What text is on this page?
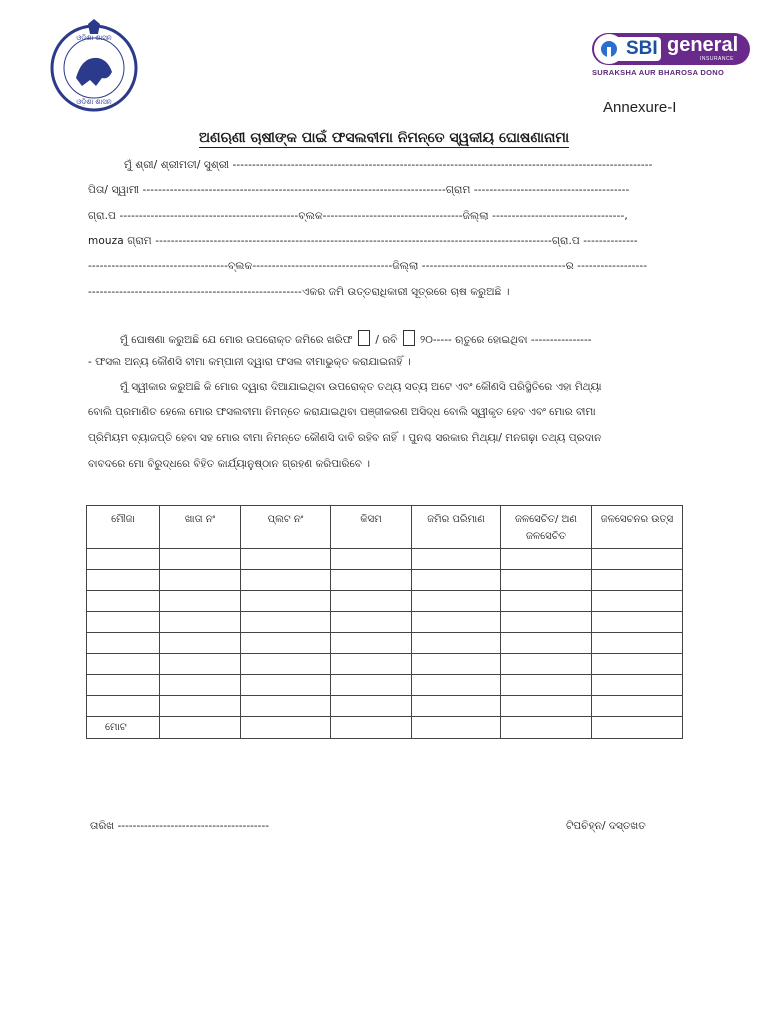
ଓଡ଼ିଶା ଶାସନ
ଓଡ଼ିଶା ଶାସନ
SBI general
INSURANCE
SURAKSHA AUR BHAROSA DONO
Annexure-I
ଅଣଋଣୀ ଚାଷୀଙ୍କ ପାଇଁ ଫସଲବୀମା ନିମନ୍ତେ ସ୍ୱକୀୟ ଘୋଷଣାନାମା
ମୁଁ ଶ୍ରୀ/ ଶ୍ରୀମତୀ/ ସୁଶ୍ରୀ ------------------------------------------------------------------------------------------------------------
ପିତା/ ସ୍ୱାମୀ ------------------------------------------------------------------------------ଗ୍ରାମ ----------------------------------------
ଗ୍ରା.ପ ----------------------------------------------ବ୍ଲକ------------------------------------ଜିଲ୍ଲା ----------------------------------,
mouza ଗ୍ରାମ ------------------------------------------------------------------------------------------------------ଗ୍ରା.ପ --------------
------------------------------------ବ୍ଲକ------------------------------------ଜିଲ୍ଲା -------------------------------------ର ------------------
-------------------------------------------------------ଏକର ଜମି ଉତ୍ତରାଧିକାରୀ ସୂତ୍ରରେ ଚାଷ କରୁଅଛି ।
ମୁଁ ଘୋଷଣା କରୁଅଛି ଯେ ମୋର ଉପରୋକ୍ତ ଜମିରେ ଖରିଫ / ରବି ୨୦----- ଋତୁରେ ହୋଇଥିବା ----------------
- ଫସଲ ଅନ୍ୟ କୌଣସି ବୀମା କମ୍ପାନୀ ଦ୍ୱାରା ଫସଲ ବୀମାଭୁକ୍ତ କରାଯାଇନାହିଁ ।
ମୁଁ ସ୍ୱୀକାର କରୁଅଛି କି ମୋର ଦ୍ୱାରା ଦିଆଯାଇଥିବା ଉପରୋକ୍ତ ତଥ୍ୟ ସତ୍ୟ ଅଟେ ଏବଂ କୌଣସି ପରିସ୍ଥିତିରେ ଏହା ମିଥ୍ୟା
ବୋଲି ପ୍ରମାଣିତ ହେଲେ ମୋର ଫସଲବୀମା ନିମନ୍ତେ କରାଯାଇଥିବା ପଞ୍ଜୀକରଣ ଅସିଦ୍ଧ ବୋଲି ସ୍ୱୀକୃତ ହେବ ଏବଂ ମୋର ବୀମା
ପ୍ରିମିୟମ ବ୍ୟାଜପ୍ତି ହେବା ସହ ମୋର ବୀମା ନିମନ୍ତେ କୌଣସି ଦାବି ରହିବ ନାହିଁ । ପୁନଶ୍ଚ ସରକାର ମିଥ୍ୟା/ ମନଗଢ଼ା ତଥ୍ୟ ପ୍ରଦାନ
ବାବଦରେ ମୋ ବିରୁଦ୍ଧରେ ବିହିତ କାର୍ଯ୍ୟାନୁଷ୍ଠାନ ଗ୍ରହଣ କରିପାରିବେ ।
ମୌଜା	ଖାତା ନଂ	ପ୍ଲଟ ନଂ	କିସମ	ଜମିର ପରିମାଣ	ଜଳସେଚିତ/ ଅଣ ଜଳସେଚିତ	ଜଳସେଚନର ଉତ୍ସ

ମୋଟ						
ତାରିଖ ----------------------------------------	ଟିପଚିହ୍ନ/ ଦସ୍ତଖତ
